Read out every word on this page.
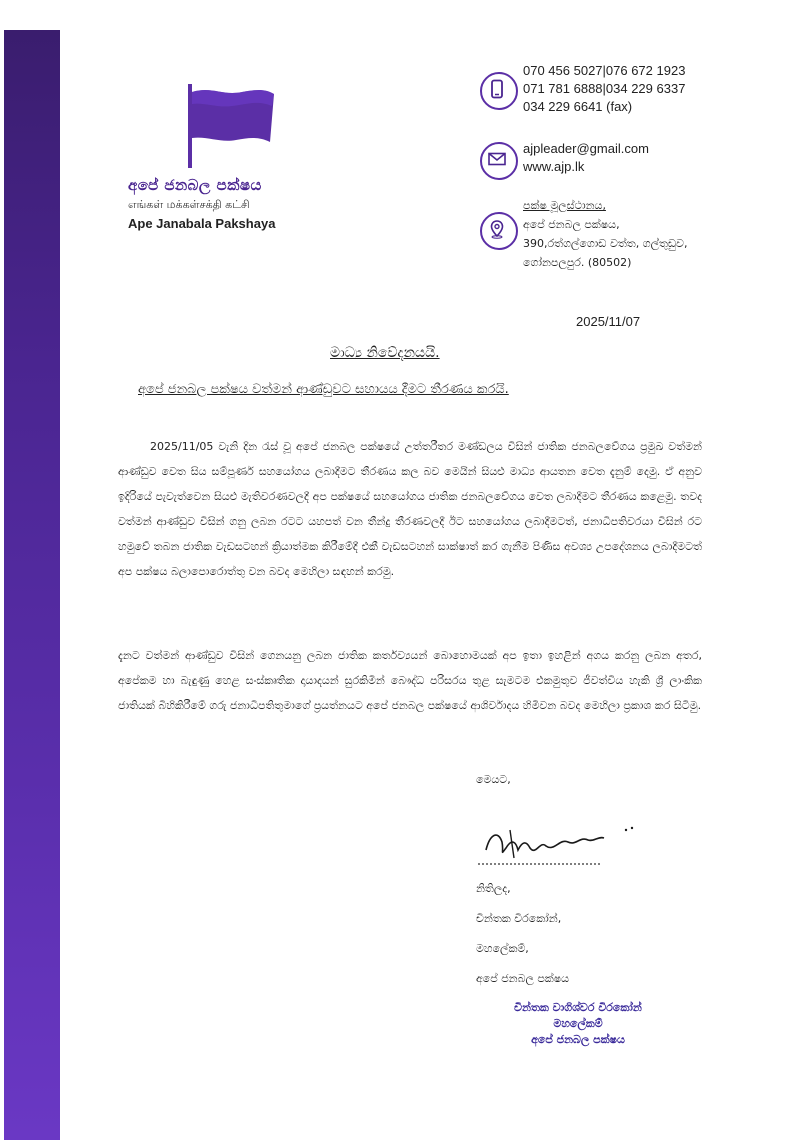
අපේ ජනබල පක්ෂය
எங்கள் மக்கள்சக்தி கட்சி
Ape Janabala Pakshaya
070 456 5027|076 672 1923
071 781 6888|034 229 6337
034 229 6641 (fax)
ajpleader@gmail.com
www.ajp.lk
පක්ෂ මූලස්ථානය,
අපේ ජනබල පක්ෂය,
390,රත්ගල්ගොඩ වත්ත, ගල්තුඩුව,
ගෝනපලපුර. (80502)
2025/11/07
මාධ්‍ය නිවේදනයයි.
අපේ ජනබල පක්ෂය වත්මන් ආණ්ඩුවට සහායය දීමට තීරණය කරයි.
2025/11/05 වැනි දින රැස් වූ අපේ ජනබල පක්ෂයේ උත්තරීතර මණ්ඩලය විසින් ජාතික ජනබලවේගය ප්‍රමුඛ වත්මන් ආණ්ඩුව වෙත සිය සම්පූර්ණ සහයෝගය ලබාදීමට තීරණය කල බව මෙයින් සියළු මාධ්‍ය ආයතන වෙත දැනුම් දෙමු. ඒ අනුව ඉදිරියේ පැවැත්වෙන සියළු මැතිවරණවලදී අප පක්ෂයේ සහයෝගය ජාතික ජනබලවේගය වෙත ලබාදීමට තීරණය කළෙමු. තවද වත්මන් ආණ්ඩුව විසින් ගනු ලබන රටට යහපත් වන තීන්දු තීරණවලදී ඊට සහයෝගය ලබාදීමටත්, ජනාධිපතිවරයා විසින් රට හමුවේ තබන ජාතික වැඩසටහන් ක්‍රියාත්මක කිරීමේදී එකී වැඩසටහන් සාක්ෂාත් කර ගැනීම පිණිස අවශ්‍ය උපදේශනය ලබාදීමටත් අප පක්ෂය බලාපොරොත්තු වන බවද මෙහිලා සඳහන් කරමු.
දැනට වත්මන් ආණ්ඩුව විසින් ගෙනයනු ලබන ජාතික කර්තව්‍යයන් බොහොමයක් අප ඉතා ඉහළින් අගය කරනු ලබන අතර, අපේකම හා බැඳුණු හෙළ සංස්කෘතික දායාදයන් සුරකිමින් බෞද්ධ පරිසරය තුළ සැමටම එකමුතුව ජීවත්විය හැකි ශ්‍රී ලාංකික ජාතියක් බිහිකිරීමේ ගරු ජනාධිපතිතුමාගේ ප්‍රයත්නයට අපේ ජනබල පක්ෂයේ ආශිර්වාදය හිමිවන බවද මෙහිලා ප්‍රකාශ කර සිටිමු.
මෙයට,
නිතිලද,
චින්තක විරකෝන්,
මහලේකම්,
අපේ ජනබල පක්ෂය
චින්තක වාගිශ්වර විරකෝන්
මහලේකම්
අපේ ජනබල පක්ෂය
